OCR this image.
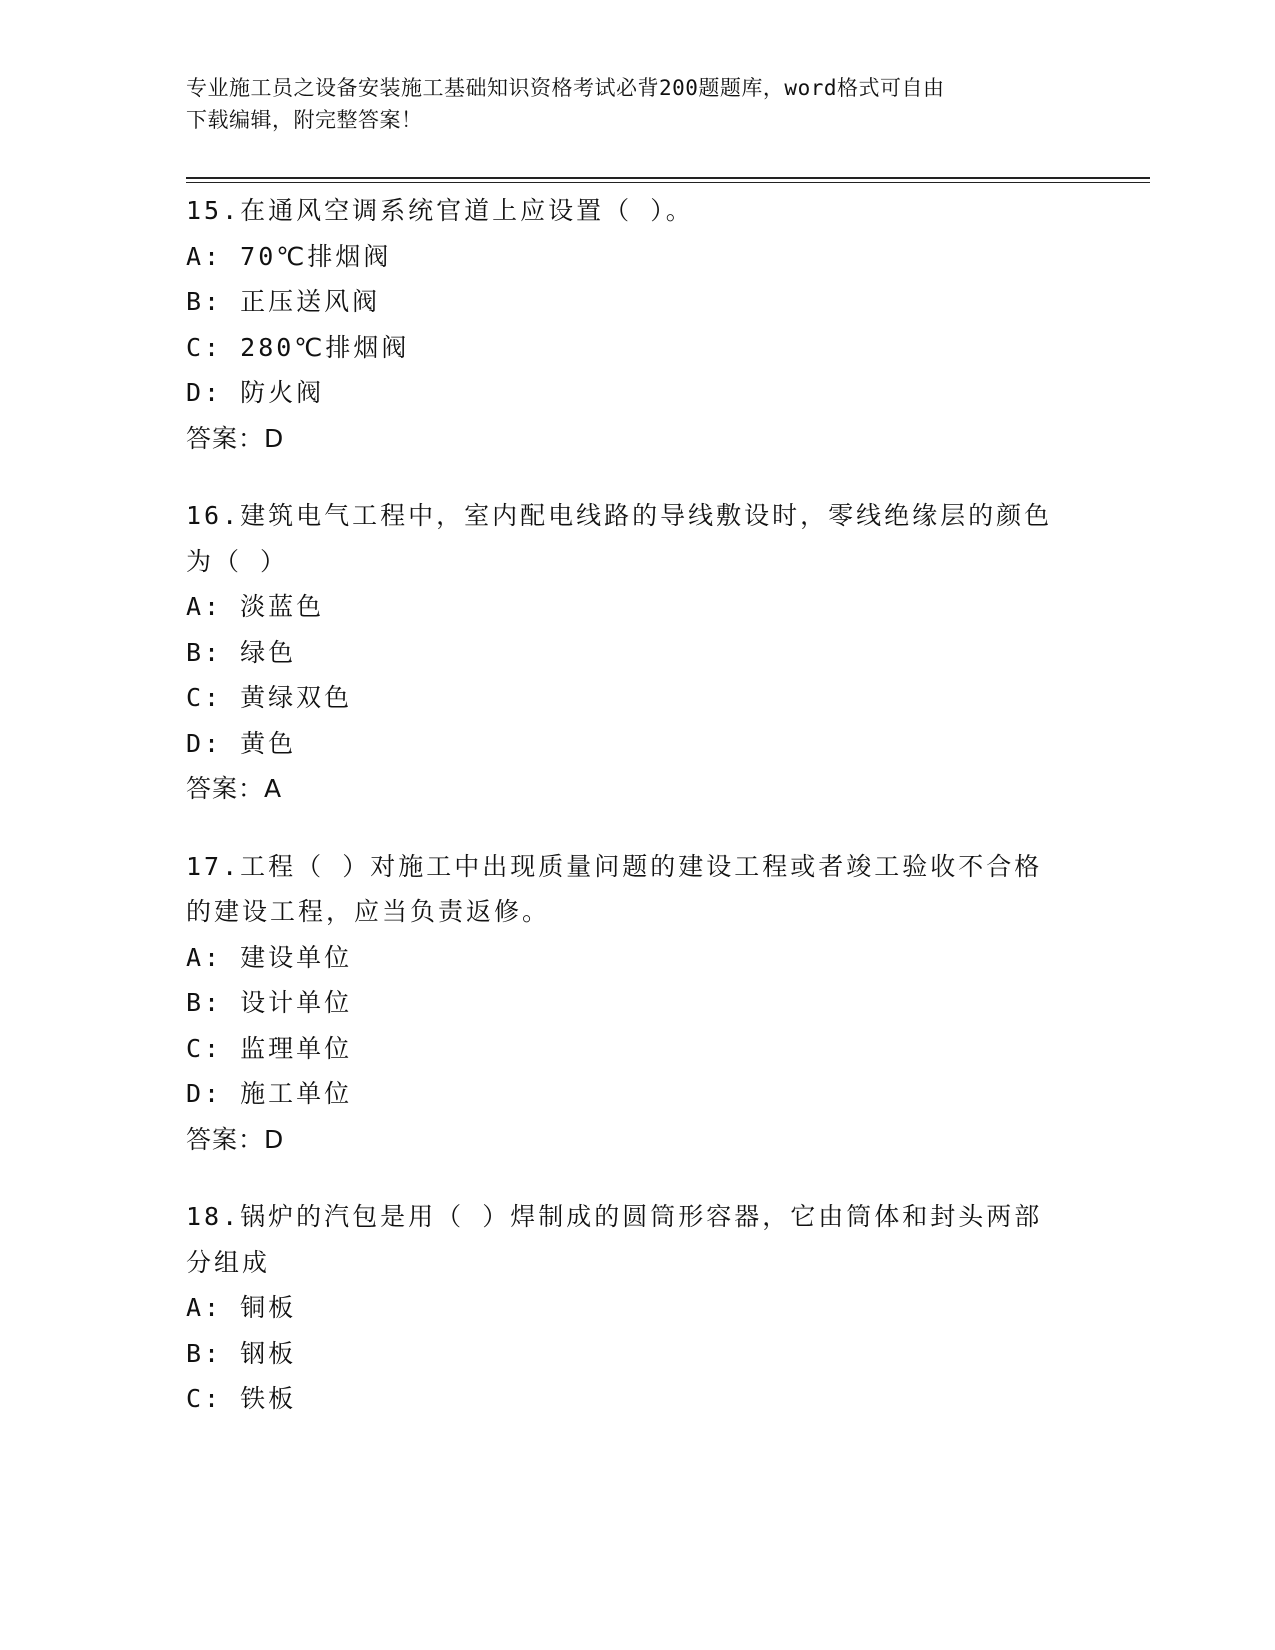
专业施工员之设备安装施工基础知识资格考试必背200题题库，word格式可自由
下载编辑，附完整答案！
15.在通风空调系统官道上应设置（ ）。
A: 70℃排烟阀
B: 正压送风阀
C: 280℃排烟阀
D: 防火阀
答案：D
16.建筑电气工程中，室内配电线路的导线敷设时，零线绝缘层的颜色
为（ ）
A: 淡蓝色
B: 绿色
C: 黄绿双色
D: 黄色
答案：A
17.工程（ ）对施工中出现质量问题的建设工程或者竣工验收不合格
的建设工程，应当负责返修。
A: 建设单位
B: 设计单位
C: 监理单位
D: 施工单位
答案：D
18.锅炉的汽包是用（ ）焊制成的圆筒形容器，它由筒体和封头两部
分组成
A: 铜板
B: 钢板
C: 铁板
